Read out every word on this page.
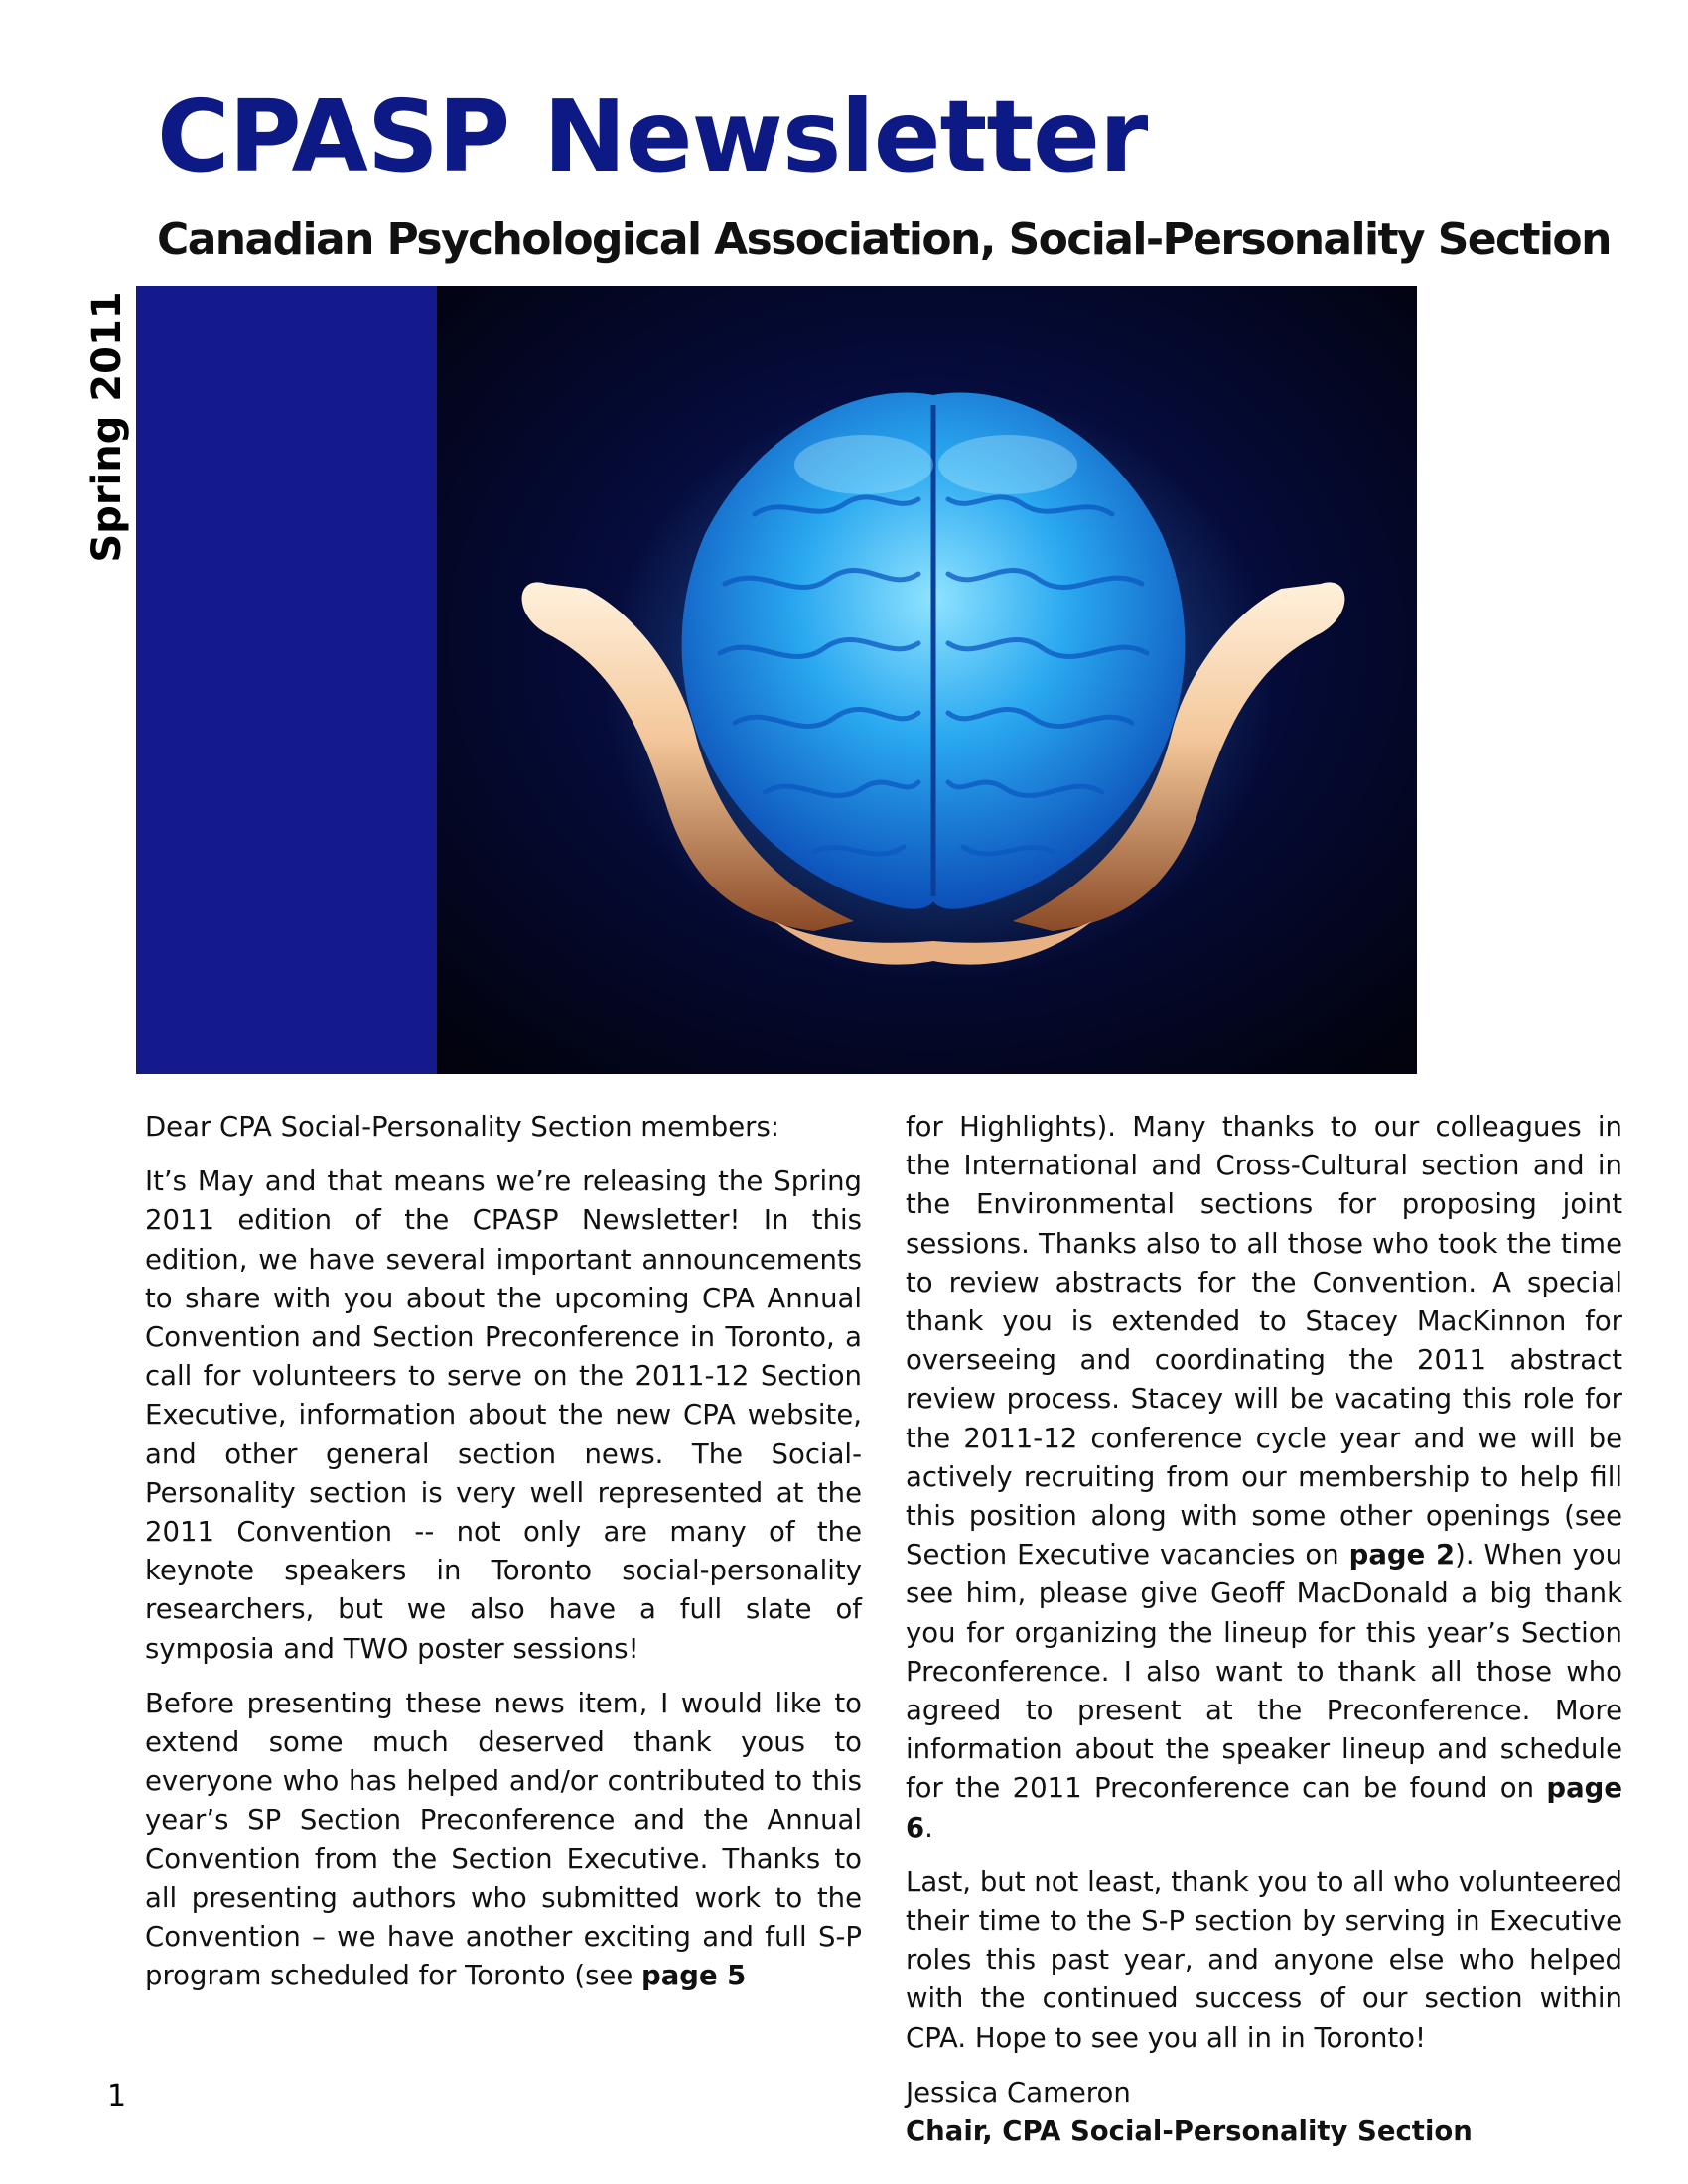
CPASP Newsletter
Canadian Psychological Association, Social-Personality Section
Spring 2011

Dear CPA Social-Personality Section members:

It’s May and that means we’re releasing the Spring 2011 edition of the CPASP Newsletter! In this edition, we have several important announcements to share with you about the upcoming CPA Annual Convention and Section Preconference in Toronto, a call for volunteers to serve on the 2011-12 Section Executive, information about the new CPA website, and other general section news. The Social-Personality section is very well represented at the 2011 Convention -- not only are many of the keynote speakers in Toronto social-personality researchers, but we also have a full slate of symposia and TWO poster sessions!

Before presenting these news item, I would like to extend some much deserved thank yous to everyone who has helped and/or contributed to this year’s SP Section Preconference and the Annual Convention from the Section Executive. Thanks to all presenting authors who submitted work to the Convention – we have another exciting and full S-P program scheduled for Toronto (see page 5

for Highlights). Many thanks to our colleagues in the International and Cross-Cultural section and in the Environmental sections for proposing joint sessions. Thanks also to all those who took the time to review abstracts for the Convention. A special thank you is extended to Stacey MacKinnon for overseeing and coordinating the 2011 abstract review process. Stacey will be vacating this role for the 2011-12 conference cycle year and we will be actively recruiting from our membership to help fill this position along with some other openings (see Section Executive vacancies on page 2). When you see him, please give Geoff MacDonald a big thank you for organizing the lineup for this year’s Section Preconference. I also want to thank all those who agreed to present at the Preconference. More information about the speaker lineup and schedule for the 2011 Preconference can be found on page 6.

Last, but not least, thank you to all who volunteered their time to the S-P section by serving in Executive roles this past year, and anyone else who helped with the continued success of our section within CPA. Hope to see you all in in Toronto!

Jessica Cameron
Chair, CPA Social-Personality Section

1
